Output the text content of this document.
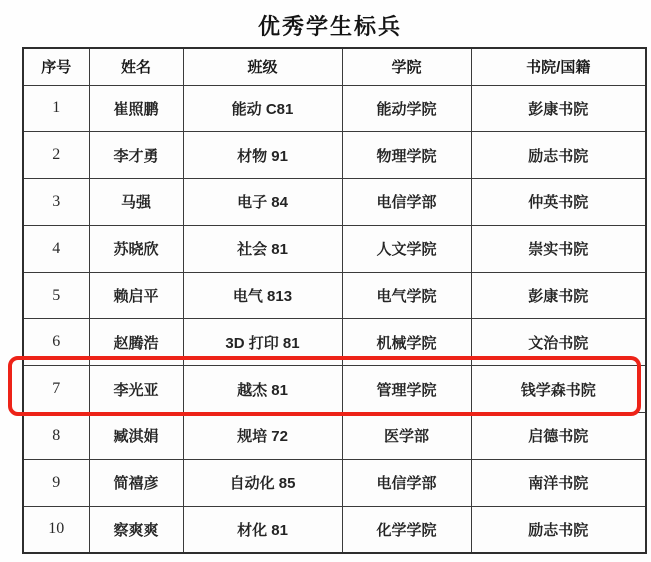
优秀学生标兵
序号	姓名	班级	学院	书院/国籍
1	崔照鹏	能动 C81	能动学院	彭康书院
2	李才勇	材物 91	物理学院	励志书院
3	马强	电子 84	电信学部	仲英书院
4	苏晓欣	社会 81	人文学院	崇实书院
5	赖启平	电气 813	电气学院	彭康书院
6	赵腾浩	3D 打印 81	机械学院	文治书院
7	李光亚	越杰 81	管理学院	钱学森书院
8	臧淇娟	规培 72	医学部	启德书院
9	简禧彦	自动化 85	电信学部	南洋书院
10	察爽爽	材化 81	化学学院	励志书院
